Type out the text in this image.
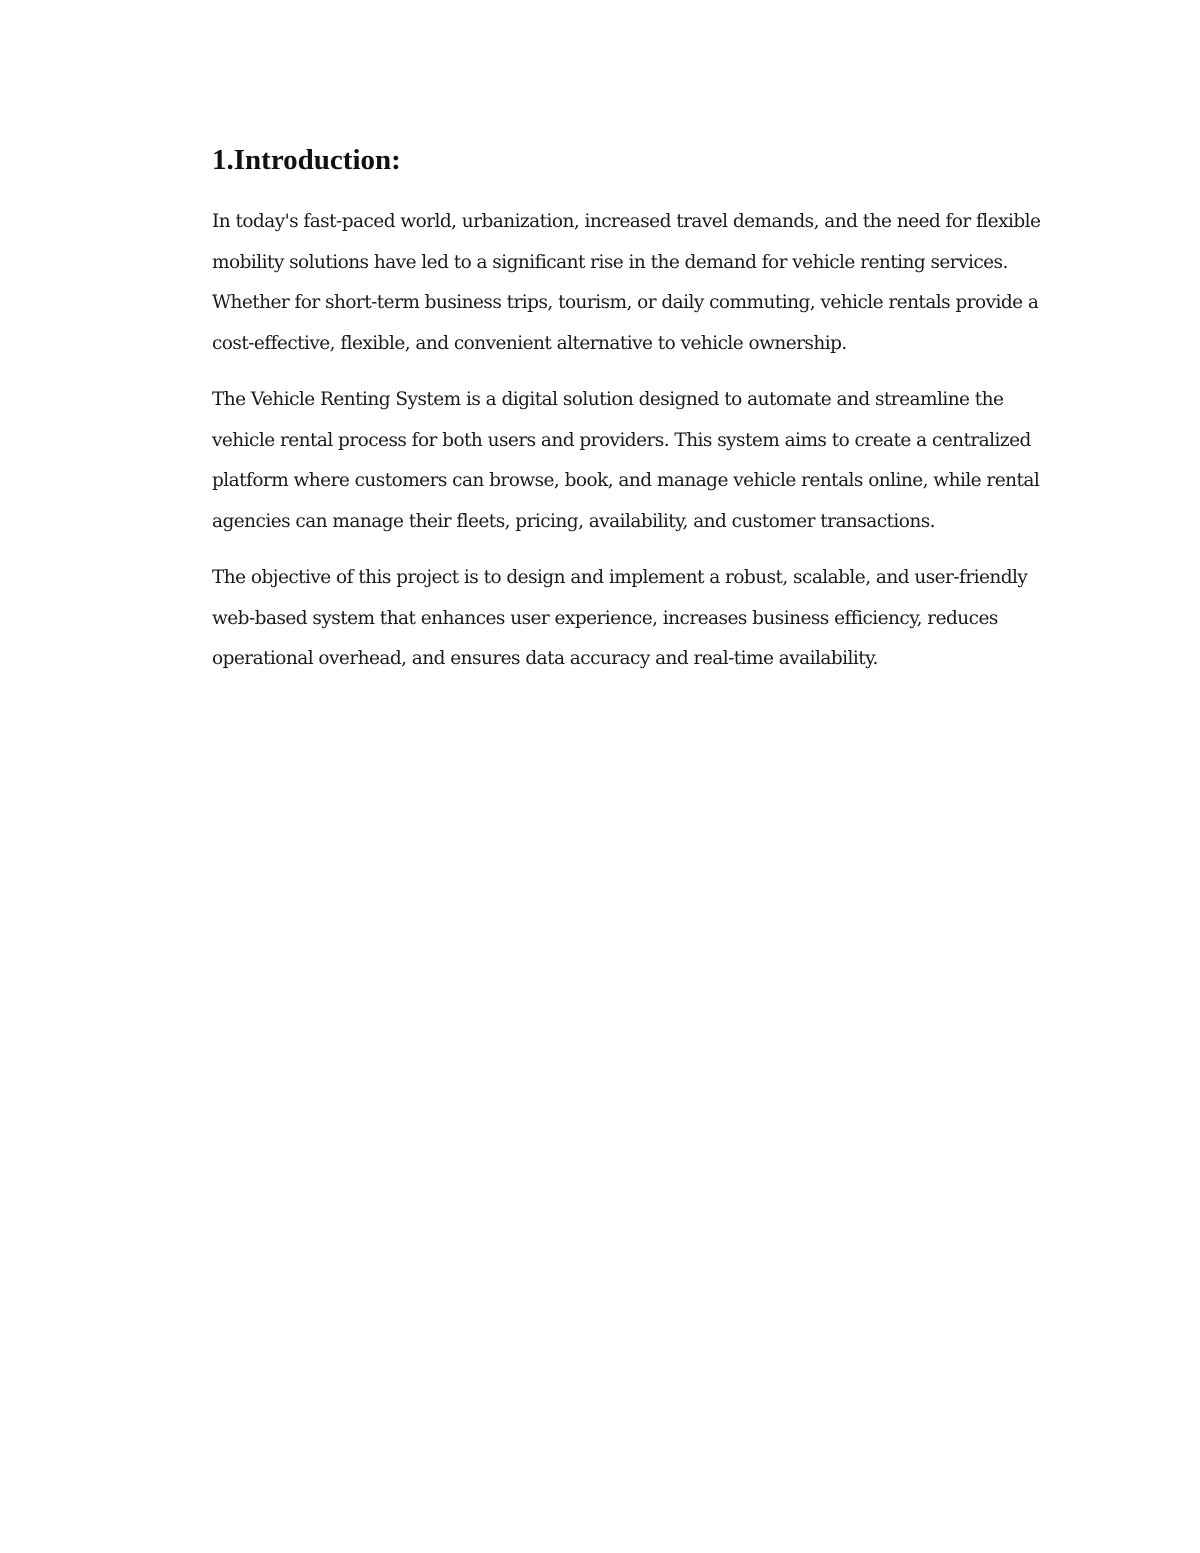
1.Introduction:

In today's fast-paced world, urbanization, increased travel demands, and the need for flexible mobility solutions have led to a significant rise in the demand for vehicle renting services. Whether for short-term business trips, tourism, or daily commuting, vehicle rentals provide a cost-effective, flexible, and convenient alternative to vehicle ownership.

The Vehicle Renting System is a digital solution designed to automate and streamline the vehicle rental process for both users and providers. This system aims to create a centralized platform where customers can browse, book, and manage vehicle rentals online, while rental agencies can manage their fleets, pricing, availability, and customer transactions.

The objective of this project is to design and implement a robust, scalable, and user-friendly web-based system that enhances user experience, increases business efficiency, reduces operational overhead, and ensures data accuracy and real-time availability.
